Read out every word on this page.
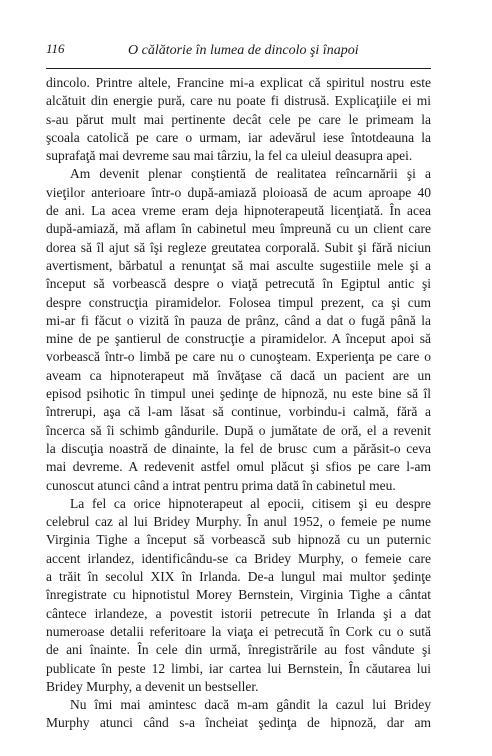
116	O călătorie în lumea de dincolo şi înapoi

dincolo. Printre altele, Francine mi-a explicat că spiritul nostru este

alcătuit din energie pură, care nu poate fi distrusă. Explicaţiile ei mi

s-au părut mult mai pertinente decât cele pe care le primeam la

şcoala catolică pe care o urmam, iar adevărul iese întotdeauna la

suprafaţă mai devreme sau mai târziu, la fel ca uleiul deasupra apei.

Am devenit plenar conştientă de realitatea reîncarnării şi a

vieţilor anterioare într-o după-amiază ploioasă de acum aproape 40

de ani. La acea vreme eram deja hipnoterapeută licenţiată. În acea

după-amiază, mă aflam în cabinetul meu împreună cu un client care

dorea să îl ajut să îşi regleze greutatea corporală. Subit şi fără niciun

avertisment, bărbatul a renunţat să mai asculte sugestiile mele şi a

început să vorbească despre o viaţă petrecută în Egiptul antic şi

despre construcţia piramidelor. Folosea timpul prezent, ca şi cum

mi-ar fi făcut o vizită în pauza de prânz, când a dat o fugă până la

mine de pe şantierul de construcţie a piramidelor. A început apoi să

vorbească într-o limbă pe care nu o cunoşteam. Experienţa pe care o

aveam ca hipnoterapeut mă învăţase că dacă un pacient are un

episod psihotic în timpul unei şedinţe de hipnoză, nu este bine să îl

întrerupi, aşa că l-am lăsat să continue, vorbindu-i calmă, fără a

încerca să îi schimb gândurile. După o jumătate de oră, el a revenit

la discuţia noastră de dinainte, la fel de brusc cum a părăsit-o ceva

mai devreme. A redevenit astfel omul plăcut şi sfios pe care l-am

cunoscut atunci când a intrat pentru prima dată în cabinetul meu.

La fel ca orice hipnoterapeut al epocii, citisem şi eu despre

celebrul caz al lui Bridey Murphy. În anul 1952, o femeie pe nume

Virginia Tighe a început să vorbească sub hipnoză cu un puternic

accent irlandez, identificându-se ca Bridey Murphy, o femeie care

a trăit în secolul XIX în Irlanda. De-a lungul mai multor şedinţe

înregistrate cu hipnotistul Morey Bernstein, Virginia Tighe a cântat

cântece irlandeze, a povestit istorii petrecute în Irlanda şi a dat

numeroase detalii referitoare la viaţa ei petrecută în Cork cu o sută

de ani înainte. În cele din urmă, înregistrările au fost vândute şi

publicate în peste 12 limbi, iar cartea lui Bernstein, În căutarea lui

Bridey Murphy, a devenit un bestseller.

Nu îmi mai amintesc dacă m-am gândit la cazul lui Bridey

Murphy atunci când s-a încheiat şedinţa de hipnoză, dar am
